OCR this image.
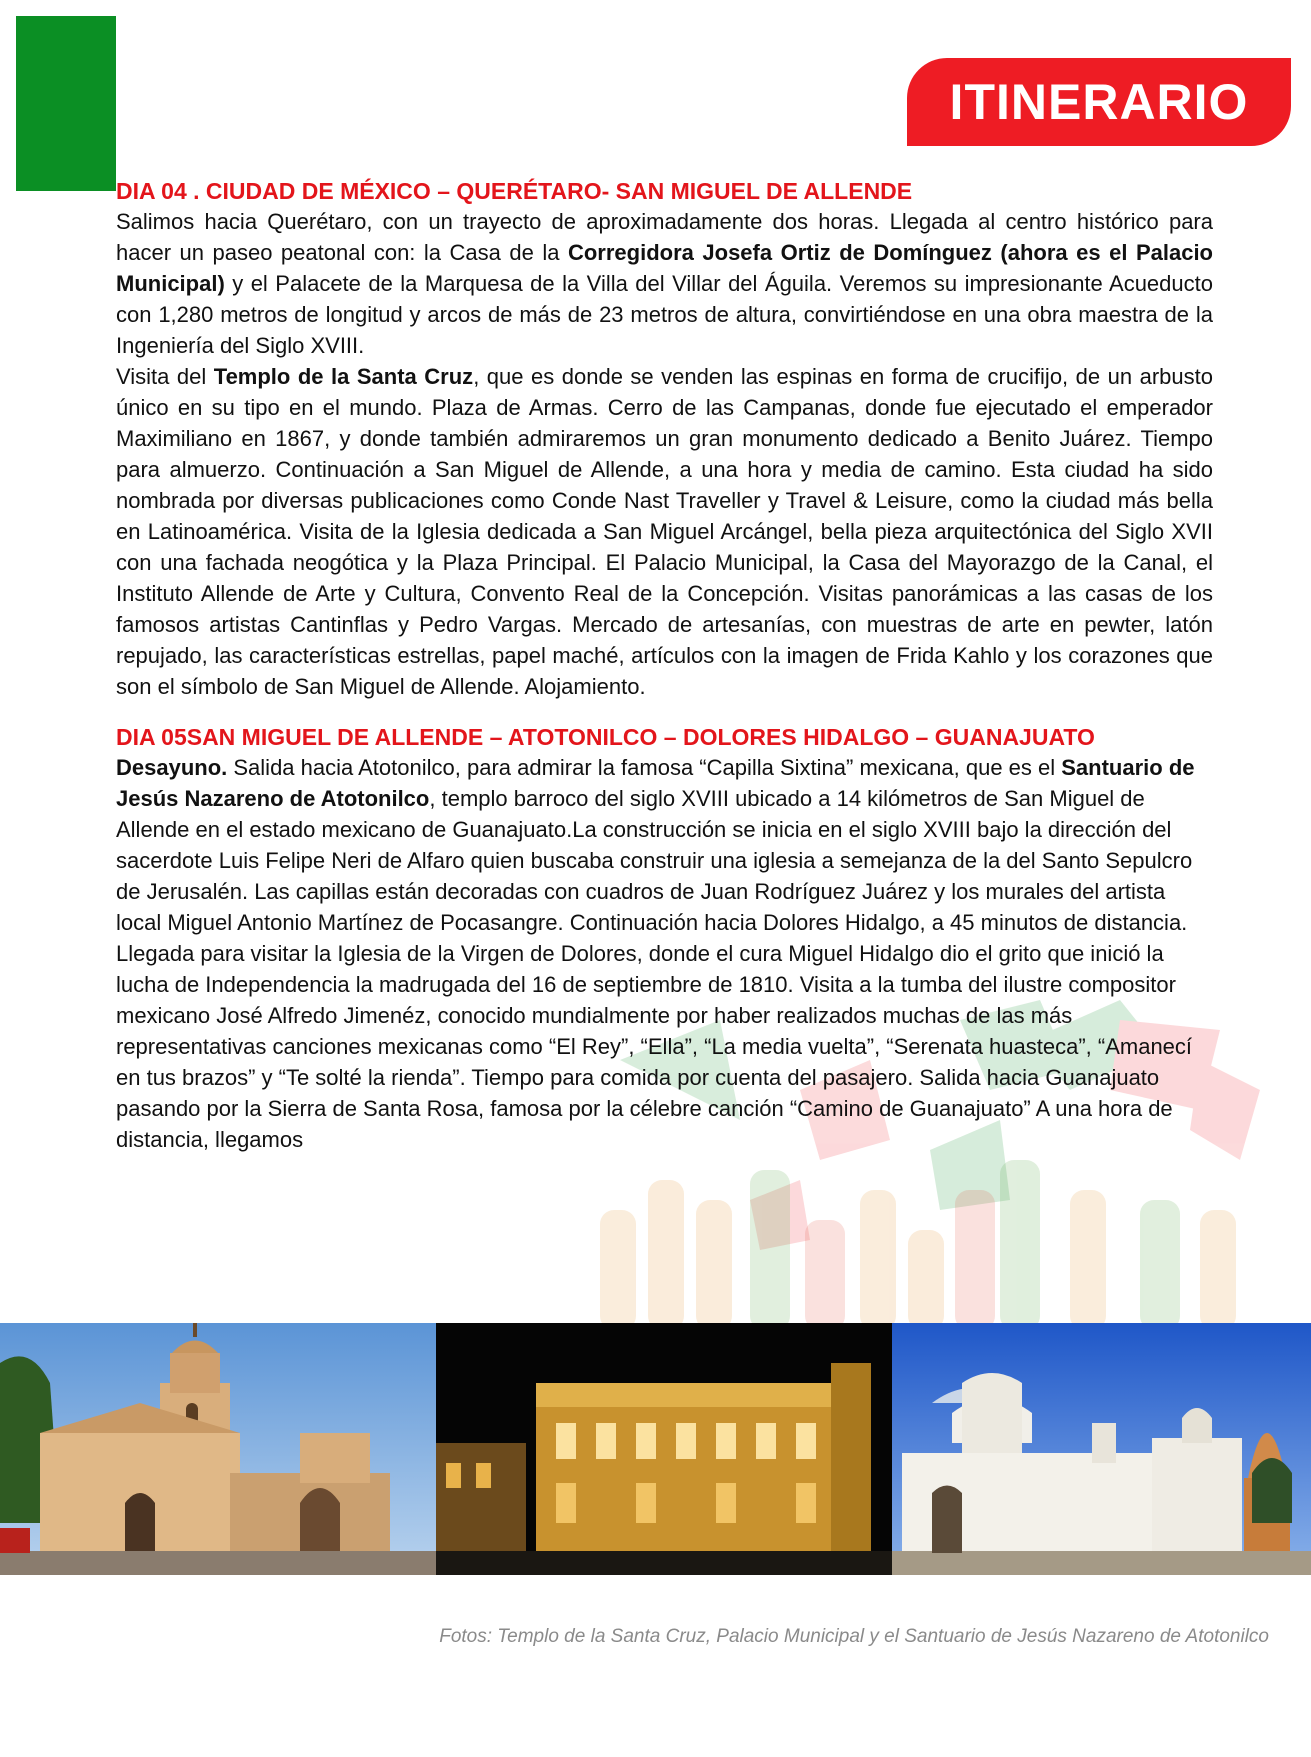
ITINERARIO
DIA 04 . CIUDAD DE MÉXICO – QUERÉTARO- SAN MIGUEL DE ALLENDE

Salimos hacia Querétaro, con un trayecto de aproximadamente dos horas. Llegada al centro histórico para hacer un paseo peatonal con: la Casa de la Corregidora Josefa Ortiz de Domínguez (ahora es el Palacio Municipal) y el Palacete de la Marquesa de la Villa del Villar del Águila. Veremos su impresionante Acueducto con 1,280 metros de longitud y arcos de más de 23 metros de altura, convirtiéndose en una obra maestra de la Ingeniería del Siglo XVIII.

Visita del Templo de la Santa Cruz, que es donde se venden las espinas en forma de crucifijo, de un arbusto único en su tipo en el mundo. Plaza de Armas. Cerro de las Campanas, donde fue ejecutado el emperador Maximiliano en 1867, y donde también admiraremos un gran monumento dedicado a Benito Juárez. Tiempo para almuerzo. Continuación a San Miguel de Allende, a una hora y media de camino. Esta ciudad ha sido nombrada por diversas publicaciones como Conde Nast Traveller y Travel & Leisure, como la ciudad más bella en Latinoamérica. Visita de la Iglesia dedicada a San Miguel Arcángel, bella pieza arquitectónica del Siglo XVII con una fachada neogótica y la Plaza Principal. El Palacio Municipal, la Casa del Mayorazgo de la Canal, el Instituto Allende de Arte y Cultura, Convento Real de la Concepción. Visitas panorámicas a las casas de los famosos artistas Cantinflas y Pedro Vargas. Mercado de artesanías, con muestras de arte en pewter, latón repujado, las características estrellas, papel maché, artículos con la imagen de Frida Kahlo y los corazones que son el símbolo de San Miguel de Allende. Alojamiento.

DIA 05SAN MIGUEL DE ALLENDE – ATOTONILCO – DOLORES HIDALGO – GUANAJUATO

Desayuno. Salida hacia Atotonilco, para admirar la famosa “Capilla Sixtina” mexicana, que es el Santuario de Jesús Nazareno de Atotonilco, templo barroco del siglo XVIII ubicado a 14 kilómetros de San Miguel de Allende en el estado mexicano de Guanajuato.La construcción se inicia en el siglo XVIII bajo la dirección del sacerdote Luis Felipe Neri de Alfaro quien buscaba construir una iglesia a semejanza de la del Santo Sepulcro de Jerusalén. Las capillas están decoradas con cuadros de Juan Rodríguez Juárez y los murales del artista local Miguel Antonio Martínez de Pocasangre. Continuación hacia Dolores Hidalgo, a 45 minutos de distancia. Llegada para visitar la Iglesia de la Virgen de Dolores, donde el cura Miguel Hidalgo dio el grito que inició la lucha de Independencia la madrugada del 16 de septiembre de 1810. Visita a la tumba del ilustre compositor mexicano José Alfredo Jimenéz, conocido mundialmente por haber realizados muchas de las más representativas canciones mexicanas como “El Rey”, “Ella”, “La media vuelta”, “Serenata huasteca”, “Amanecí en tus brazos” y “Te solté la rienda”. Tiempo para comida por cuenta del pasajero. Salida hacia Guanajuato pasando por la Sierra de Santa Rosa, famosa por la célebre canción “Camino de Guanajuato” A una hora de distancia, llegamos

Fotos: Templo de la Santa Cruz, Palacio Municipal y el Santuario de Jesús Nazareno de Atotonilco
